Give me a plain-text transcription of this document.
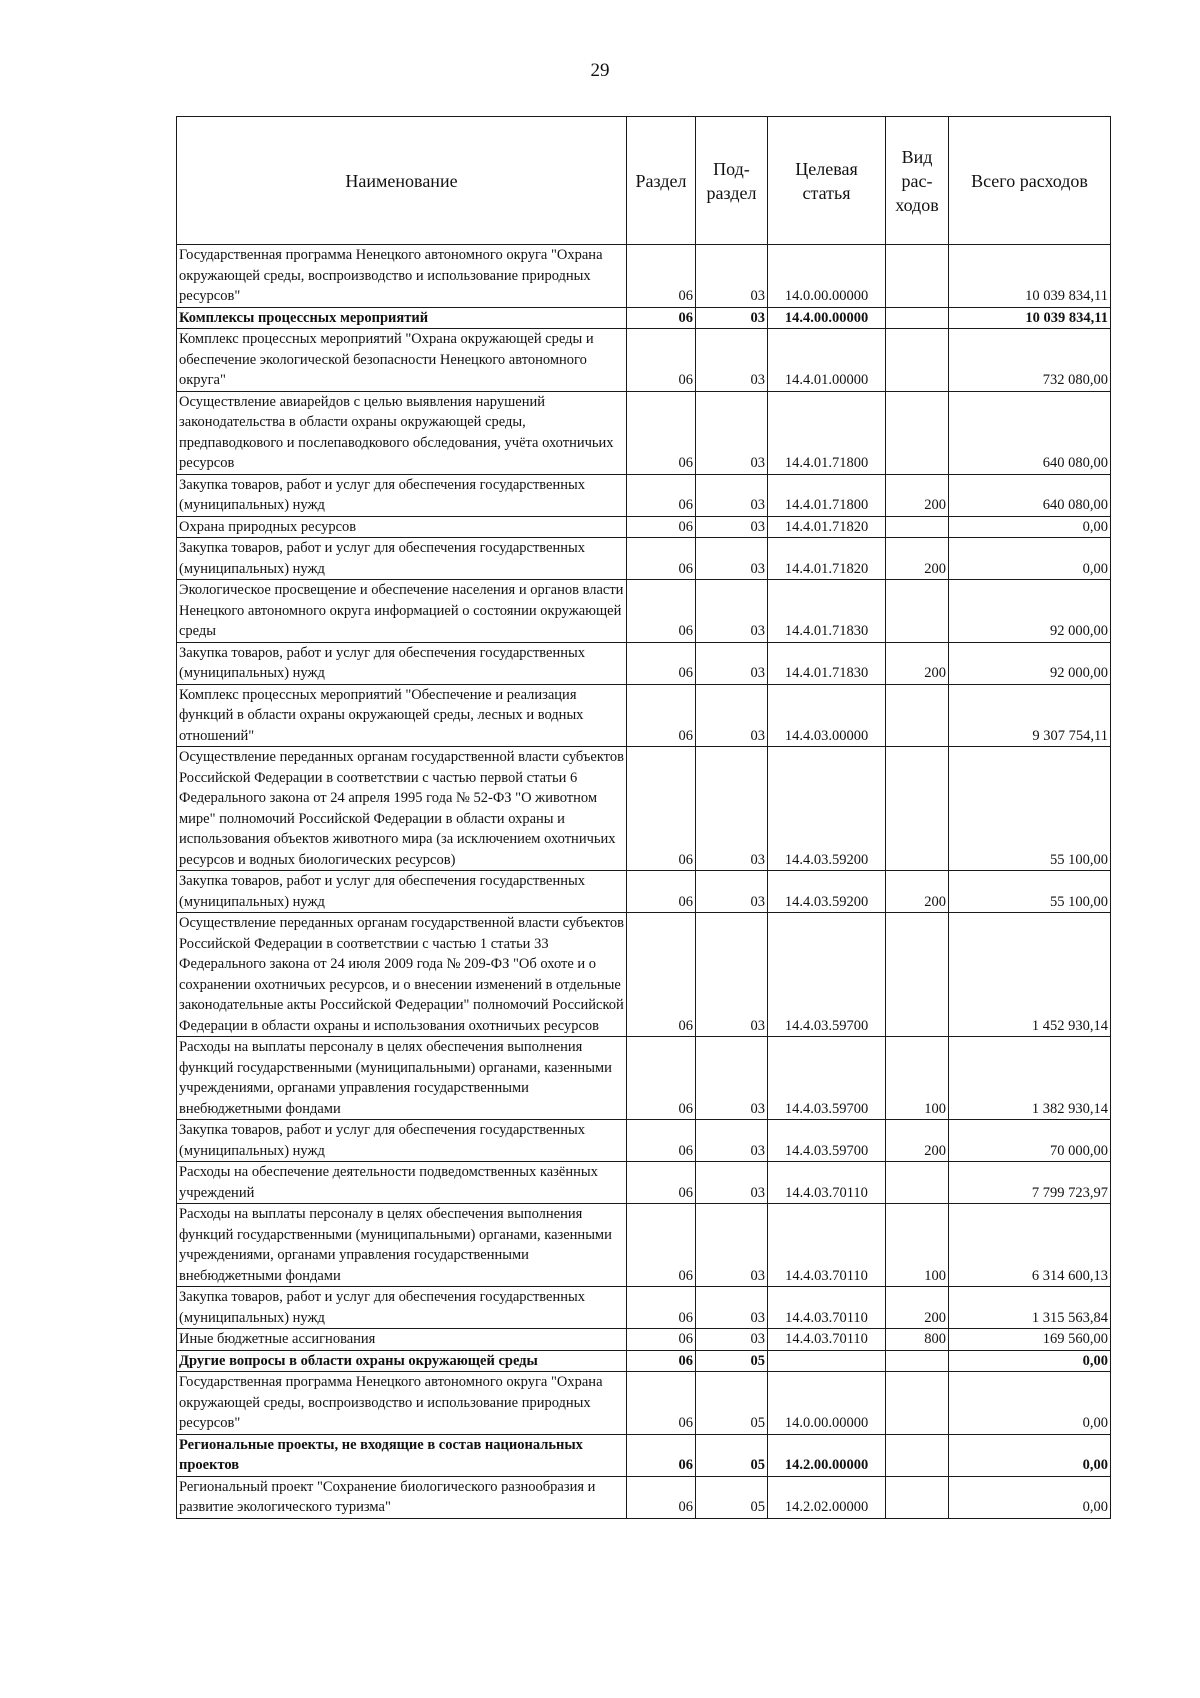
29
Наименование	Раздел	Под-раздел	Целевая статья	Вид рас-ходов	Всего расходов
Государственная программа Ненецкого автономного округа "Охрана окружающей среды, воспроизводство и использование природных ресурсов"	06	03	14.0.00.00000		10 039 834,11
Комплексы процессных мероприятий	06	03	14.4.00.00000		10 039 834,11
Комплекс процессных мероприятий "Охрана окружающей среды и обеспечение экологической безопасности Ненецкого автономного округа"	06	03	14.4.01.00000		732 080,00
Осуществление авиарейдов с целью выявления нарушений законодательства в области охраны окружающей среды, предпаводкового и послепаводкового обследования, учёта охотничьих ресурсов	06	03	14.4.01.71800		640 080,00
Закупка товаров, работ и услуг для обеспечения государственных (муниципальных) нужд	06	03	14.4.01.71800	200	640 080,00
Охрана природных ресурсов	06	03	14.4.01.71820		0,00
Закупка товаров, работ и услуг для обеспечения государственных (муниципальных) нужд	06	03	14.4.01.71820	200	0,00
Экологическое просвещение и обеспечение населения и органов власти Ненецкого автономного округа информацией о состоянии окружающей среды	06	03	14.4.01.71830		92 000,00
Закупка товаров, работ и услуг для обеспечения государственных (муниципальных) нужд	06	03	14.4.01.71830	200	92 000,00
Комплекс процессных мероприятий "Обеспечение и реализация функций в области охраны окружающей среды, лесных и водных отношений"	06	03	14.4.03.00000		9 307 754,11
Осуществление переданных органам государственной власти субъектов Российской Федерации в соответствии с частью первой статьи 6 Федерального закона от 24 апреля 1995 года № 52-ФЗ "О животном мире" полномочий Российской Федерации в области охраны и использования объектов животного мира (за исключением охотничьих ресурсов и водных биологических ресурсов)	06	03	14.4.03.59200		55 100,00
Закупка товаров, работ и услуг для обеспечения государственных (муниципальных) нужд	06	03	14.4.03.59200	200	55 100,00
Осуществление переданных органам государственной власти субъектов Российской Федерации в соответствии с частью 1 статьи 33 Федерального закона от 24 июля 2009 года № 209-ФЗ "Об охоте и о сохранении охотничьих ресурсов, и о внесении изменений в отдельные законодательные акты Российской Федерации" полномочий Российской Федерации в области охраны и использования охотничьих ресурсов	06	03	14.4.03.59700		1 452 930,14
Расходы на выплаты персоналу в целях обеспечения выполнения функций государственными (муниципальными) органами, казенными учреждениями, органами управления государственными внебюджетными фондами	06	03	14.4.03.59700	100	1 382 930,14
Закупка товаров, работ и услуг для обеспечения государственных (муниципальных) нужд	06	03	14.4.03.59700	200	70 000,00
Расходы на обеспечение деятельности подведомственных казённых учреждений	06	03	14.4.03.70110		7 799 723,97
Расходы на выплаты персоналу в целях обеспечения выполнения функций государственными (муниципальными) органами, казенными учреждениями, органами управления государственными внебюджетными фондами	06	03	14.4.03.70110	100	6 314 600,13
Закупка товаров, работ и услуг для обеспечения государственных (муниципальных) нужд	06	03	14.4.03.70110	200	1 315 563,84
Иные бюджетные ассигнования	06	03	14.4.03.70110	800	169 560,00
Другие вопросы в области охраны окружающей среды	06	05			0,00
Государственная программа Ненецкого автономного округа "Охрана окружающей среды, воспроизводство и использование природных ресурсов"	06	05	14.0.00.00000		0,00
Региональные проекты, не входящие в состав национальных проектов	06	05	14.2.00.00000		0,00
Региональный проект "Сохранение биологического разнообразия и развитие экологического туризма"	06	05	14.2.02.00000		0,00
